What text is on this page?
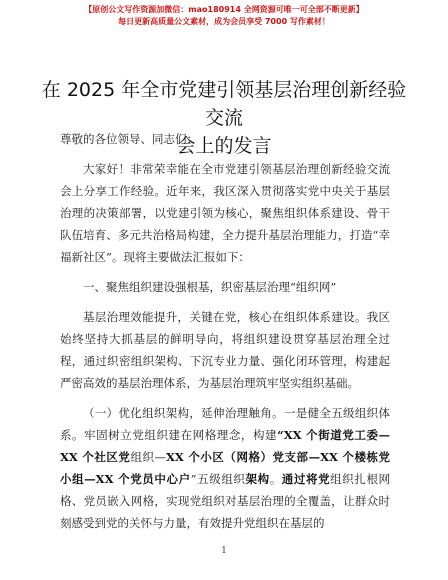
【原创公文写作资源加微信：mao180914 全网资源可唯一可全部不断更新】
每日更新高质量公文素材，成为会员享受 7000 写作素材！
在 2025 年全市党建引领基层治理创新经验交流
会上的发言

尊敬的各位领导、同志们：

大家好！非常荣幸能在全市党建引领基层治理创新经验交流会上分享工作经验。近年来，我区深入贯彻落实党中央关于基层治理的决策部署，以党建引领为核心，聚焦组织体系建设、骨干队伍培育、多元共治格局构建，全力提升基层治理能力，打造“幸福新社区”。现将主要做法汇报如下：

一、聚焦组织建设强根基，织密基层治理“组织网”

基层治理效能提升，关键在党，核心在组织体系建设。我区始终坚持大抓基层的鲜明导向，将组织建设贯穿基层治理全过程，通过织密组织架构、下沉专业力量、强化闭环管理，构建起严密高效的基层治理体系，为基层治理筑牢坚实组织基础。

（一）优化组织架构，延伸治理触角。一是健全五级组织体系。牢固树立党组织建在网格理念，构建“XX 个街道党工委—XX 个社区党组织—XX 个小区（网格）党支部—XX 个楼栋党小组—XX 个党员中心户”五级组织架构。通过将党组织扎根网格、党员嵌入网格，实现党组织对基层治理的全覆盖，让群众时刻感受到党的关怀与力量，有效提升党组织在基层的

1
